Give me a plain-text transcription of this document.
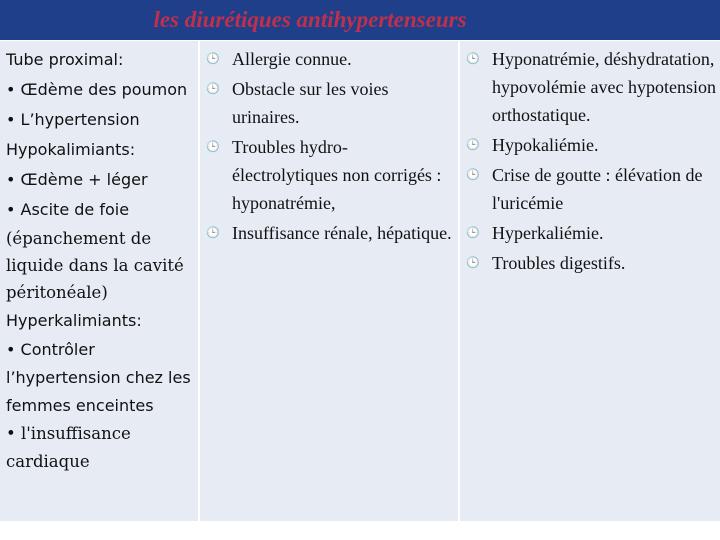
les diurétiques antihypertenseurs
Tube proximal:
• Œdème des poumon
• L’hypertension
Hypokalimiants:
• Œdème + léger
• Ascite de foie
(épanchement de liquide dans la cavité péritonéale)
Hyperkalimiants:
• Contrôler l’hypertension chez les femmes enceintes
• l'insuffisance cardiaque
🕒 Allergie connue.
🕒 Obstacle sur les voies urinaires.
🕒 Troubles hydro-électrolytiques non corrigés : hyponatrémie,
🕒 Insuffisance rénale, hépatique.
🕒 Hyponatrémie, déshydratation, hypovolémie avec hypotension orthostatique.
🕒 Hypokaliémie.
🕒 Crise de goutte : élévation de l'uricémie
🕒 Hyperkaliémie.
🕒 Troubles digestifs.
